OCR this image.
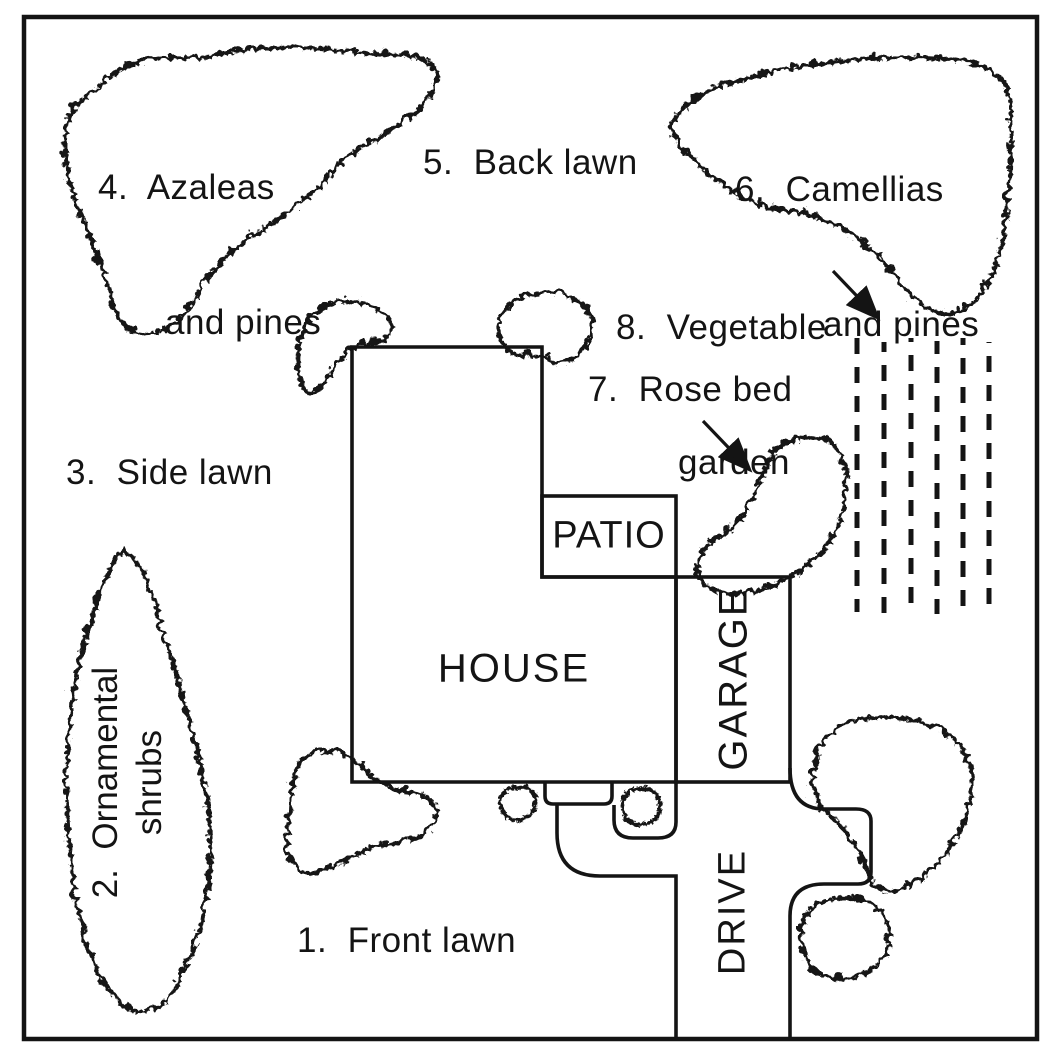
4.  Azaleas

and pines

5.  Back lawn

6.  Camellias

and pines

8.  Vegetable

garden

3.  Side lawn
7.  Rose bed
1.  Front lawn

2.  Ornamental shrubs

HOUSE
PATIO
GARAGE
DRIVE
